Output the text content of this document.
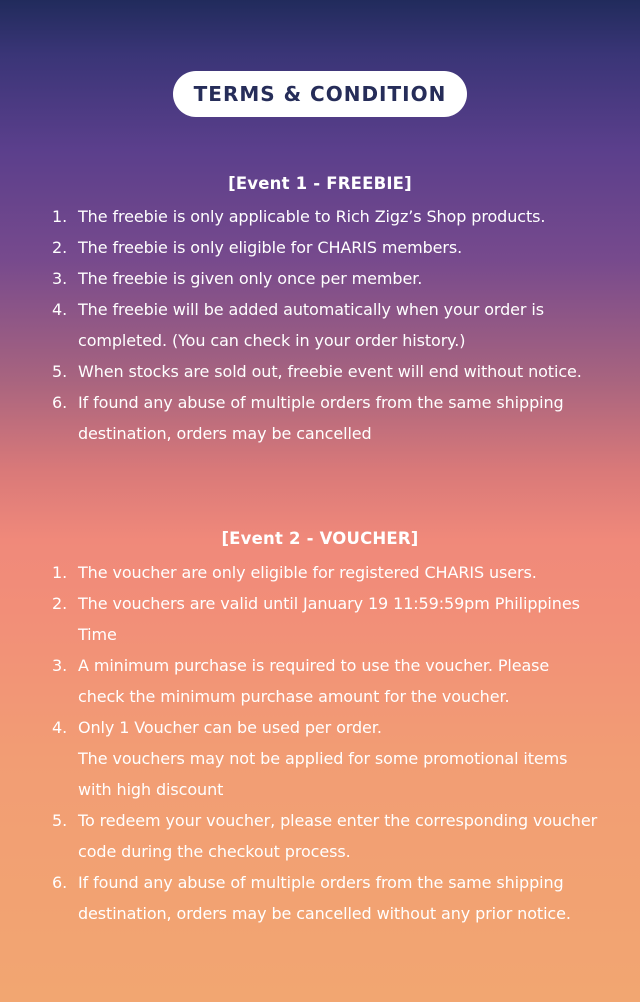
TERMS & CONDITION
[Event 1 - FREEBIE]
1. The freebie is only applicable to Rich Zigz’s Shop products.
2. The freebie is only eligible for CHARIS members.
3. The freebie is given only once per member.
4. The freebie will be added automatically when your order is completed. (You can check in your order history.)
5. When stocks are sold out, freebie event will end without notice.
6. If found any abuse of multiple orders from the same shipping destination, orders may be cancelled
[Event 2 - VOUCHER]
1. The voucher are only eligible for registered CHARIS users.
2. The vouchers are valid until January 19 11:59:59pm Philippines Time
3. A minimum purchase is required to use the voucher. Please check the minimum purchase amount for the voucher.
4. Only 1 Voucher can be used per order.
The vouchers may not be applied for some promotional items with high discount
5. To redeem your voucher, please enter the corresponding voucher code during the checkout process.
6. If found any abuse of multiple orders from the same shipping destination, orders may be cancelled without any prior notice.
